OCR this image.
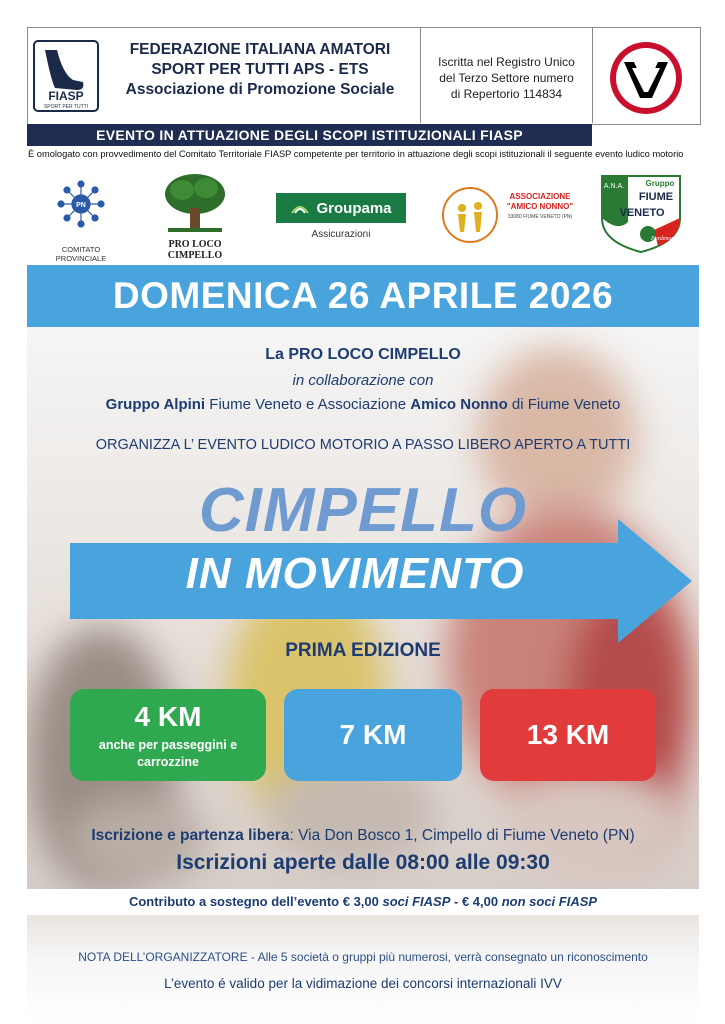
FIASP
SPORT PER TUTTI
FEDERAZIONE ITALIANA AMATORI
SPORT PER TUTTI APS - ETS
Associazione di Promozione Sociale
Iscritta nel Registro Unico
del Terzo Settore numero
di Repertorio 114834
EVENTO IN ATTUAZIONE DEGLI SCOPI ISTITUZIONALI FIASP
È omologato con provvedimento del Comitato Territoriale FIASP competente per territorio in attuazione degli scopi istituzionali il seguente evento ludico motorio
PN
COMITATO PROVINCIALE
PRO LOCO
CIMPELLO
Groupama
Assicurazioni
ASSOCIAZIONE
"AMICO NONNO"
33080 FIUME VENETO (PN)
A.N.A.	Gruppo
FIUME
VENETO
Pordenone
DOMENICA 26 APRILE 2026
La PRO LOCO CIMPELLO
in collaborazione con
Gruppo Alpini Fiume Veneto e Associazione Amico Nonno di Fiume Veneto
ORGANIZZA L’ EVENTO LUDICO MOTORIO A PASSO LIBERO APERTO A TUTTI
CIMPELLO
IN MOVIMENTO
PRIMA EDIZIONE
4 KM
anche per passeggini e
carrozzine
7 KM	13 KM
Iscrizione e partenza libera: Via Don Bosco 1, Cimpello di Fiume Veneto (PN)
Iscrizioni aperte dalle 08:00 alle 09:30
Contributo a sostegno dell’evento € 3,00 soci FIASP - € 4,00 non soci FIASP
NOTA DELL’ORGANIZZATORE - Alle 5 società o gruppi più numerosi, verrà consegnato un riconoscimento
L’evento é valido per la vidimazione dei concorsi internazionali IVV
